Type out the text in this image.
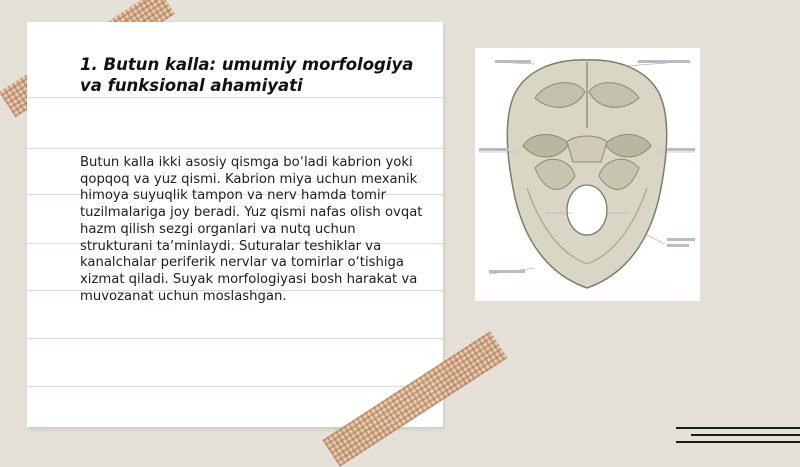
1. Butun kalla: umumiy morfologiya va funksional ahamiyati
Butun kalla ikki asosiy qismga bo‘ladi kabrion yoki qopqoq va yuz qismi. Kabrion miya uchun mexanik himoya suyuqlik tampon va nerv hamda tomir tuzilmalariga joy beradi. Yuz qismi nafas olish ovqat hazm qilish sezgi organlari va nutq uchun strukturani ta’minlaydi. Suturalar teshiklar va kanalchalar periferik nervlar va tomirlar o‘tishiga xizmat qiladi. Suyak morfologiyasi bosh harakat va muvozanat uchun moslashgan.
